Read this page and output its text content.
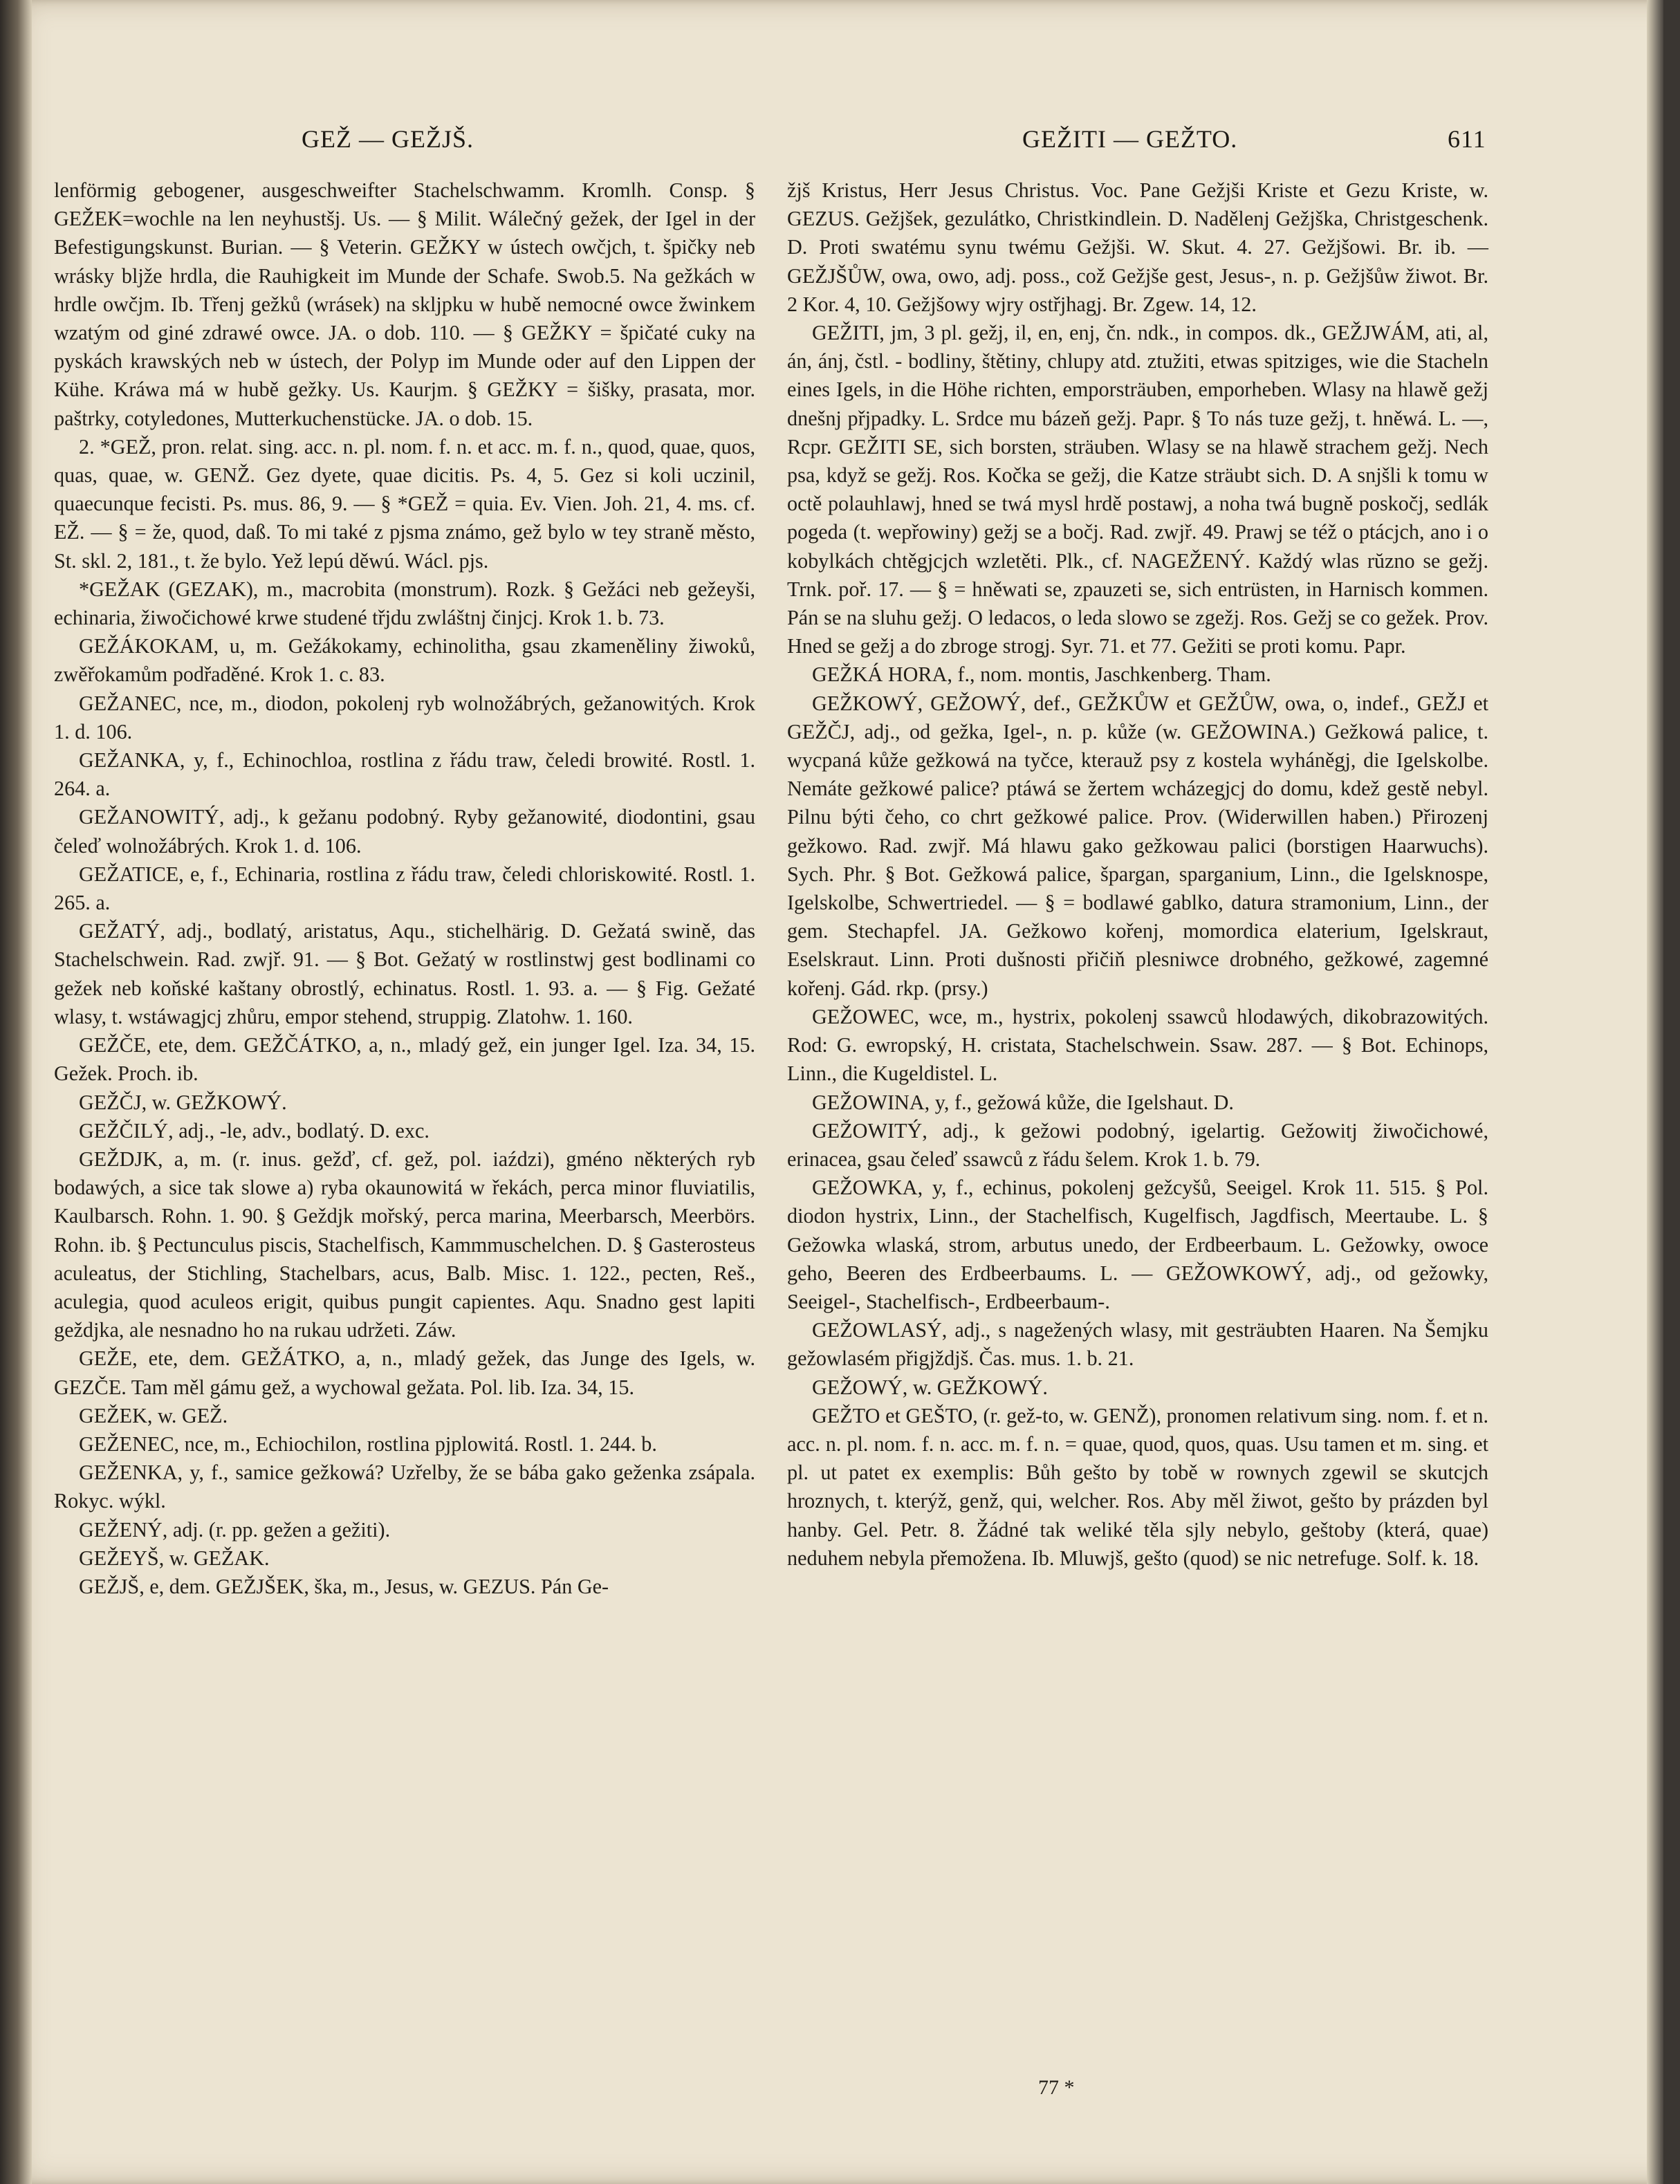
GEŽ — GEŽJŠ.	GEŽITI — GEŽTO.	611

lenförmig gebogener, ausgeschweifter Stachelschwamm. Kromlh. Consp. § GEŽEK=wochle na len neyhustšj. Us. — § Milit. Wálečný gežek, der Igel in der Befestigungskunst. Burian. — § Veterin. GEŽKY w ústech owčjch, t. špičky neb wrásky bljže hrdla, die Rauhigkeit im Munde der Schafe. Swob.5. Na gežkách w hrdle owčjm. Ib. Třenj gežků (wrásek) na skljpku w hubě nemocné owce žwinkem wzatým od giné zdrawé owce. JA. o dob. 110. — § GEŽKY = špičaté cuky na pyskách krawských neb w ústech, der Polyp im Munde oder auf den Lippen der Kühe. Kráwa má w hubě gežky. Us. Kaurjm. § GEŽKY = šišky, prasata, mor. paštrky, cotyledones, Mutterkuchenstücke. JA. o dob. 15.

2. *GEŽ, pron. relat. sing. acc. n. pl. nom. f. n. et acc. m. f. n., quod, quae, quos, quas, quae, w. GENŽ. Gez dyete, quae dicitis. Ps. 4, 5. Gez si koli uczinil, quaecunque fecisti. Ps. mus. 86, 9. — § *GEŽ = quia. Ev. Vien. Joh. 21, 4. ms. cf. EŽ. — § = že, quod, daß. To mi také z pjsma známo, gež bylo w tey straně město, St. skl. 2, 181., t. že bylo. Yež lepú děwú. Wácl. pjs.

*GEŽAK (GEZAK), m., macrobita (monstrum). Rozk. § Gežáci neb gežeyši, echinaria, žiwočichowé krwe studené třjdu zwláštnj činjcj. Krok 1. b. 73.

GEŽÁKOKAM, u, m. Gežákokamy, echinolitha, gsau zkameněliny žiwoků, zwěřokamům podřaděné. Krok 1. c. 83.

GEŽANEC, nce, m., diodon, pokolenj ryb wolnožábrých, gežanowitých. Krok 1. d. 106.

GEŽANKA, y, f., Echinochloa, rostlina z řádu traw, čeledi browité. Rostl. 1. 264. a.

GEŽANOWITÝ, adj., k gežanu podobný. Ryby gežanowité, diodontini, gsau čeleď wolnožábrých. Krok 1. d. 106.

GEŽATICE, e, f., Echinaria, rostlina z řádu traw, čeledi chloriskowité. Rostl. 1. 265. a.

GEŽATÝ, adj., bodlatý, aristatus, Aqu., stichelhärig. D. Gežatá swině, das Stachelschwein. Rad. zwjř. 91. — § Bot. Gežatý w rostlinstwj gest bodlinami co gežek neb koňské kaštany obrostlý, echinatus. Rostl. 1. 93. a. — § Fig. Gežaté wlasy, t. wstáwagjcj zhůru, empor stehend, struppig. Zlatohw. 1. 160.

GEŽČE, ete, dem. GEŽČÁTKO, a, n., mladý gež, ein junger Igel. Iza. 34, 15. Gežek. Proch. ib.

GEŽČJ, w. GEŽKOWÝ.

GEŽČILÝ, adj., -le, adv., bodlatý. D. exc.

GEŽDJK, a, m. (r. inus. gežď, cf. gež, pol. iaździ), gméno některých ryb bodawých, a sice tak slowe a) ryba okaunowitá w řekách, perca minor fluviatilis, Kaulbarsch. Rohn. 1. 90. § Geždjk mořský, perca marina, Meerbarsch, Meerbörs. Rohn. ib. § Pectunculus piscis, Stachelfisch, Kammmuschelchen. D. § Gasterosteus aculeatus, der Stichling, Stachelbars, acus, Balb. Misc. 1. 122., pecten, Reš., aculegia, quod aculeos erigit, quibus pungit capientes. Aqu. Snadno gest lapiti geždjka, ale nesnadno ho na rukau udržeti. Záw.

GEŽE, ete, dem. GEŽÁTKO, a, n., mladý gežek, das Junge des Igels, w. GEZČE. Tam měl gámu gež, a wychowal gežata. Pol. lib. Iza. 34, 15.

GEŽEK, w. GEŽ.

GEŽENEC, nce, m., Echiochilon, rostlina pjplowitá. Rostl. 1. 244. b.

GEŽENKA, y, f., samice gežkowá? Uzřelby, že se bába gako geženka zsápala. Rokyc. wýkl.

GEŽENÝ, adj. (r. pp. gežen a gežiti).

GEŽEYŠ, w. GEŽAK.

GEŽJŠ, e, dem. GEŽJŠEK, ška, m., Jesus, w. GEZUS. Pán Ge-

žjš Kristus, Herr Jesus Christus. Voc. Pane Gežjši Kriste et Gezu Kriste, w. GEZUS. Gežjšek, gezulátko, Christkindlein. D. Nadělenj Gežjška, Christgeschenk. D. Proti swatému synu twému Gežjši. W. Skut. 4. 27. Gežjšowi. Br. ib. — GEŽJŠŮW, owa, owo, adj. poss., což Gežjše gest, Jesus-, n. p. Gežjšůw žiwot. Br. 2 Kor. 4, 10. Gežjšowy wjry ostřjhagj. Br. Zgew. 14, 12.

GEŽITI, jm, 3 pl. gežj, il, en, enj, čn. ndk., in compos. dk., GEŽJWÁM, ati, al, án, ánj, čstl. - bodliny, štětiny, chlupy atd. ztužiti, etwas spitziges, wie die Stacheln eines Igels, in die Höhe richten, emporsträuben, emporheben. Wlasy na hlawě gežj dnešnj přjpadky. L. Srdce mu bázeň gežj. Papr. § To nás tuze gežj, t. hněwá. L. —, Rcpr. GEŽITI SE, sich borsten, sträuben. Wlasy se na hlawě strachem gežj. Nech psa, když se gežj. Ros. Kočka se gežj, die Katze sträubt sich. D. A snjšli k tomu w octě polauhlawj, hned se twá mysl hrdě postawj, a noha twá bugně poskočj, sedlák pogeda (t. wepřowiny) gežj se a bočj. Rad. zwjř. 49. Prawj se též o ptácjch, ano i o kobylkách chtěgjcjch wzletěti. Plk., cf. NAGEŽENÝ. Každý wlas rŭzno se gežj. Trnk. poř. 17. — § = hněwati se, zpauzeti se, sich entrüsten, in Harnisch kommen. Pán se na sluhu gežj. O ledacos, o leda slowo se zgežj. Ros. Gežj se co gežek. Prov. Hned se gežj a do zbroge strogj. Syr. 71. et 77. Gežiti se proti komu. Papr.

GEŽKÁ HORA, f., nom. montis, Jaschkenberg. Tham.

GEŽKOWÝ, GEŽOWÝ, def., GEŽKŮW et GEŽŮW, owa, o, indef., GEŽJ et GEŽČJ, adj., od gežka, Igel-, n. p. kůže (w. GEŽOWINA.) Gežkowá palice, t. wycpaná kůže gežkowá na tyčce, kterauž psy z kostela wyháněgj, die Igelskolbe. Nemáte gežkowé palice? ptáwá se žertem wcházegjcj do domu, kdež gestě nebyl. Pilnu býti čeho, co chrt gežkowé palice. Prov. (Widerwillen haben.) Přirozenj gežkowo. Rad. zwjř. Má hlawu gako gežkowau palici (borstigen Haarwuchs). Sych. Phr. § Bot. Gežkowá palice, špargan, sparganium, Linn., die Igelsknospe, Igelskolbe, Schwertriedel. — § = bodlawé gablko, datura stramonium, Linn., der gem. Stechapfel. JA. Gežkowo kořenj, momordica elaterium, Igelskraut, Eselskraut. Linn. Proti dušnosti přičiň plesniwce drobného, gežkowé, zagemné kořenj. Gád. rkp. (prsy.)

GEŽOWEC, wce, m., hystrix, pokolenj ssawců hlodawých, dikobrazowitých. Rod: G. ewropský, H. cristata, Stachelschwein. Ssaw. 287. — § Bot. Echinops, Linn., die Kugeldistel. L.

GEŽOWINA, y, f., gežowá kůže, die Igelshaut. D.

GEŽOWITÝ, adj., k gežowi podobný, igelartig. Gežowitj žiwočichowé, erinacea, gsau čeleď ssawců z řádu šelem. Krok 1. b. 79.

GEŽOWKA, y, f., echinus, pokolenj gežcyšů, Seeigel. Krok 11. 515. § Pol. diodon hystrix, Linn., der Stachelfisch, Kugelfisch, Jagdfisch, Meertaube. L. § Gežowka wlaská, strom, arbutus unedo, der Erdbeerbaum. L. Gežowky, owoce geho, Beeren des Erdbeerbaums. L. — GEŽOWKOWÝ, adj., od gežowky, Seeigel-, Stachelfisch-, Erdbeerbaum-.

GEŽOWLASÝ, adj., s nagežených wlasy, mit gesträubten Haaren. Na Šemjku gežowlasém přigjždjš. Čas. mus. 1. b. 21.

GEŽOWÝ, w. GEŽKOWÝ.

GEŽTO et GEŠTO, (r. gež-to, w. GENŽ), pronomen relativum sing. nom. f. et n. acc. n. pl. nom. f. n. acc. m. f. n. = quae, quod, quos, quas. Usu tamen et m. sing. et pl. ut patet ex exemplis: Bůh gešto by tobě w rownych zgewil se skutcjch hroznych, t. kterýž, genž, qui, welcher. Ros. Aby měl žiwot, gešto by prázden byl hanby. Gel. Petr. 8. Žádné tak weliké těla sjly nebylo, geštoby (která, quae) neduhem nebyla přemožena. Ib. Mluwjš, gešto (quod) se nic netrefuge. Solf. k. 18.

77 *
